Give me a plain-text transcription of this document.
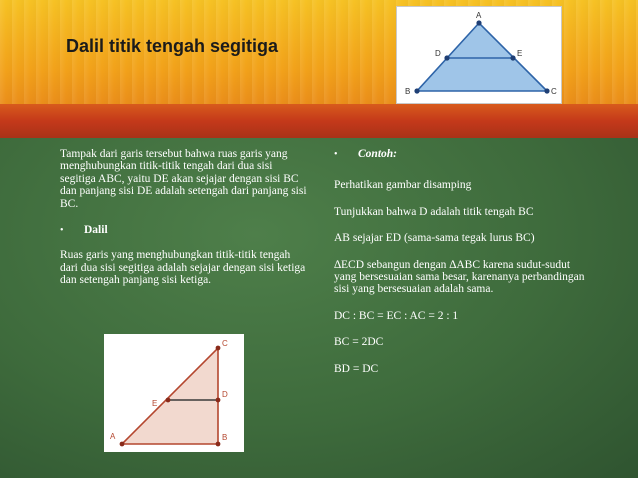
Dalil titik tengah segitiga
A
B	C
D	E

Tampak dari garis tersebut bahwa ruas garis yang menghubungkan titik-titik tengah dari dua sisi segitiga ABC, yaitu DE akan sejajar dengan sisi BC dan panjang sisi DE adalah setengah dari panjang sisi BC.

•	Dalil

Ruas garis yang menghubungkan titik-titik tengah dari dua sisi segitiga adalah sejajar dengan sisi ketiga dan setengah panjang sisi ketiga.

A	B
C
D
E
•	Contoh:

Perhatikan gambar disamping

Tunjukkan bahwa D adalah titik tengah BC

AB sejajar ED (sama-sama tegak lurus BC)

∆ECD sebangun dengan ∆ABC karena sudut-sudut yang bersesuaian sama besar, karenanya perbandingan sisi yang bersesuaian adalah sama.

DC : BC = EC : AC = 2 : 1

BC = 2DC

BD = DC
